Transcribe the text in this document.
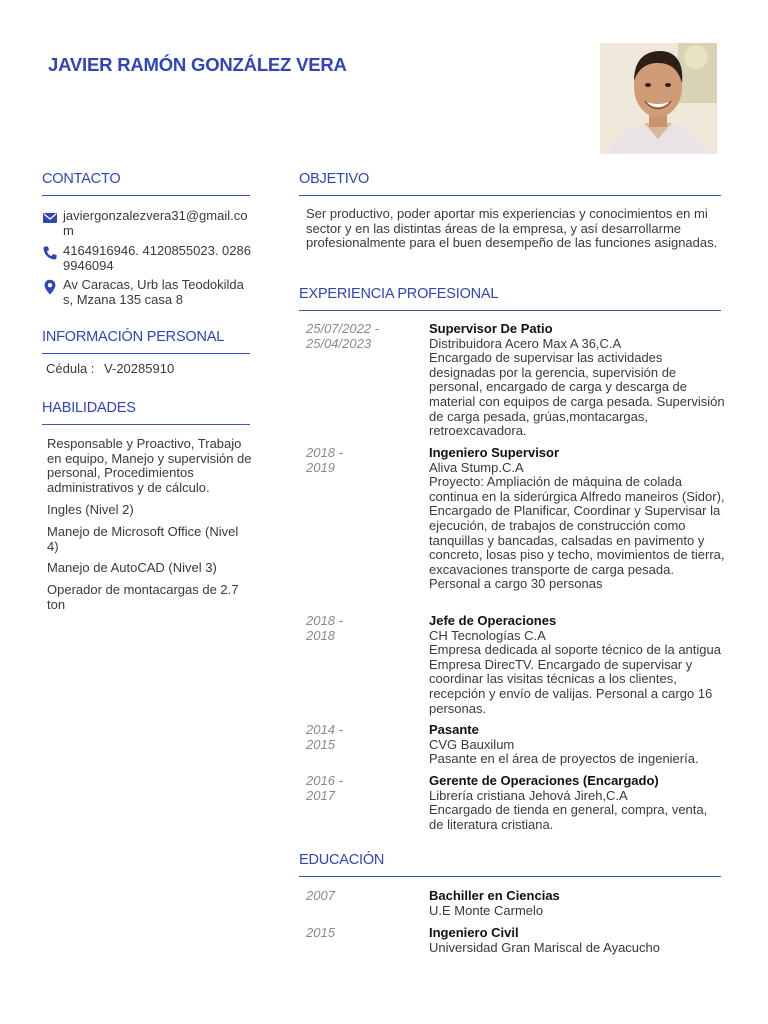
JAVIER RAMÓN GONZÁLEZ VERA
CONTACTO
javiergonzalezvera31@gmail.com
4164916946. 4120855023. 02869946094
Av Caracas, Urb las Teodokildas, Mzana 135 casa 8
INFORMACIÓN PERSONAL
Cédula : V-20285910
HABILIDADES
Responsable y Proactivo, Trabajo en equipo, Manejo y supervisión de personal, Procedimientos administrativos y de cálculo.
Ingles (Nivel 2)
Manejo de Microsoft Office (Nivel 4)
Manejo de AutoCAD (Nivel 3)
Operador de montacargas de 2.7 ton
OBJETIVO
Ser productivo, poder aportar mis experiencias y conocimientos en mi sector y en las distintas áreas de la empresa, y así desarrollarme profesionalmente para el buen desempeño de las funciones asignadas.
EXPERIENCIA PROFESIONAL
25/07/2022 - 25/04/2023
Supervisor De Patio
Distribuidora Acero Max A 36,C.A
Encargado de supervisar las actividades designadas por la gerencia, supervisión de personal, encargado de carga y descarga de material con equipos de carga pesada. Supervisión de carga pesada, grúas,montacargas, retroexcavadora.
2018 - 2019
Ingeniero Supervisor
Aliva Stump.C.A
Proyecto: Ampliación de máquina de colada continua en la siderúrgica Alfredo maneiros (Sidor), Encargado de Planificar, Coordinar y Supervisar la ejecución, de trabajos de construcción como tanquillas y bancadas, calsadas en pavimento y concreto, losas piso y techo, movimientos de tierra, excavaciones transporte de carga pesada. Personal a cargo 30 personas
2018 - 2018
Jefe de Operaciones
CH Tecnologías C.A
Empresa dedicada al soporte técnico de la antigua Empresa DirecTV. Encargado de supervisar y coordinar las visitas técnicas a los clientes, recepción y envío de valijas. Personal a cargo 16 personas.
2014 - 2015
Pasante
CVG Bauxilum
Pasante en el área de proyectos de ingeniería.
2016 - 2017
Gerente de Operaciones (Encargado)
Librería cristiana Jehová Jireh,C.A
Encargado de tienda en general, compra, venta, de literatura cristiana.
EDUCACIÓN
2007	Bachiller en Ciencias
U.E Monte Carmelo
2015	Ingeniero Civil
Universidad Gran Mariscal de Ayacucho
